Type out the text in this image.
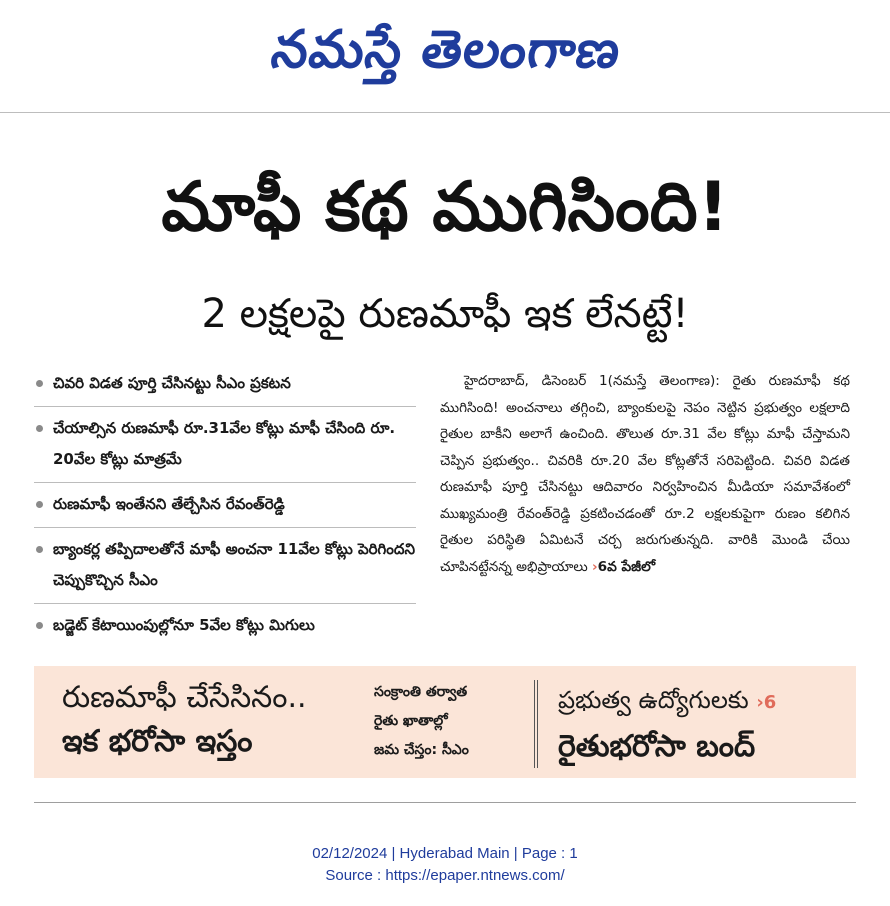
నమస్తే తెలంగాణ
మాఫీ కథ ముగిసింది!
2 లక్షలపై రుణమాఫీ ఇక లేనట్టే!
చివరి విడత పూర్తి చేసినట్టు సీఎం ప్రకటన
చేయాల్సిన రుణమాఫీ రూ.31వేల కోట్లు మాఫీ చేసింది రూ. 20వేల కోట్లు మాత్రమే
రుణమాఫీ ఇంతేనని తేల్చేసిన రేవంత్‌రెడ్డి
బ్యాంకర్ల తప్పిదాలతోనే మాఫీ అంచనా 11వేల కోట్లు పెరిగిందని చెప్పుకొచ్చిన సీఎం
బడ్జెట్ కేటాయింపుల్లోనూ 5వేల కోట్లు మిగులు
హైదరాబాద్, డిసెంబర్ 1(నమస్తే తెలంగాణ): రైతు రుణమాఫీ కథ ముగిసింది! అంచనాలు తగ్గించి, బ్యాంకులపై నెపం నెట్టిన ప్రభుత్వం లక్షలాది రైతుల బాకీని అలాగే ఉంచింది. తొలుత రూ.31 వేల కోట్లు మాఫీ చేస్తామని చెప్పిన ప్రభుత్వం.. చివరికి రూ.20 వేల కోట్లతోనే సరిపెట్టింది. చివరి విడత రుణమాఫీ పూర్తి చేసినట్టు ఆదివారం నిర్వహించిన మీడియా సమావేశంలో ముఖ్యమంత్రి రేవంత్‌రెడ్డి ప్రకటించడంతో రూ.2 లక్షలకుపైగా రుణం కలిగిన రైతుల పరిస్థితి ఏమిటనే చర్చ జరుగుతున్నది. వారికి మొండి చేయి చూపినట్టేనన్న అభిప్రాయాలు ›6వ పేజీలో
రుణమాఫీ చేసేసినం..
ఇక భరోసా ఇస్తం
సంక్రాంతి తర్వాత
రైతు ఖాతాల్లో
జమ చేస్తం: సీఎం
ప్రభుత్వ ఉద్యోగులకు ›6
రైతుభరోసా బంద్
02/12/2024 | Hyderabad Main | Page : 1
Source : https://epaper.ntnews.com/
